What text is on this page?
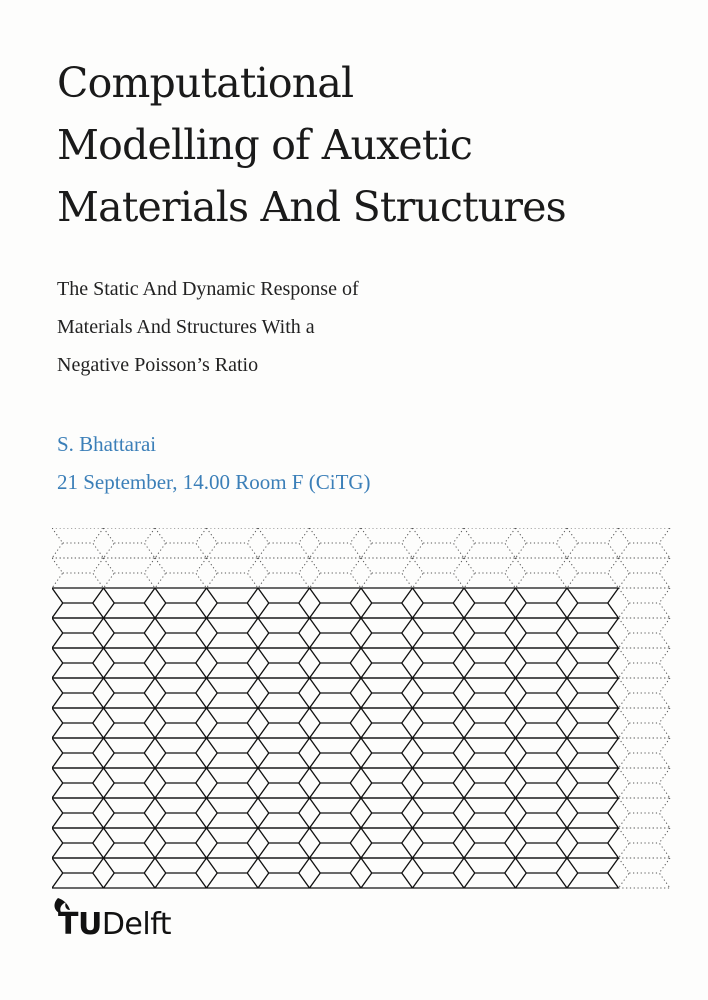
Computational
Modelling of Auxetic
Materials And Structures
The Static And Dynamic Response of
Materials And Structures With a
Negative Poisson’s Ratio
S. Bhattarai
21 September, 14.00 Room F (CiTG)
TUDelft
